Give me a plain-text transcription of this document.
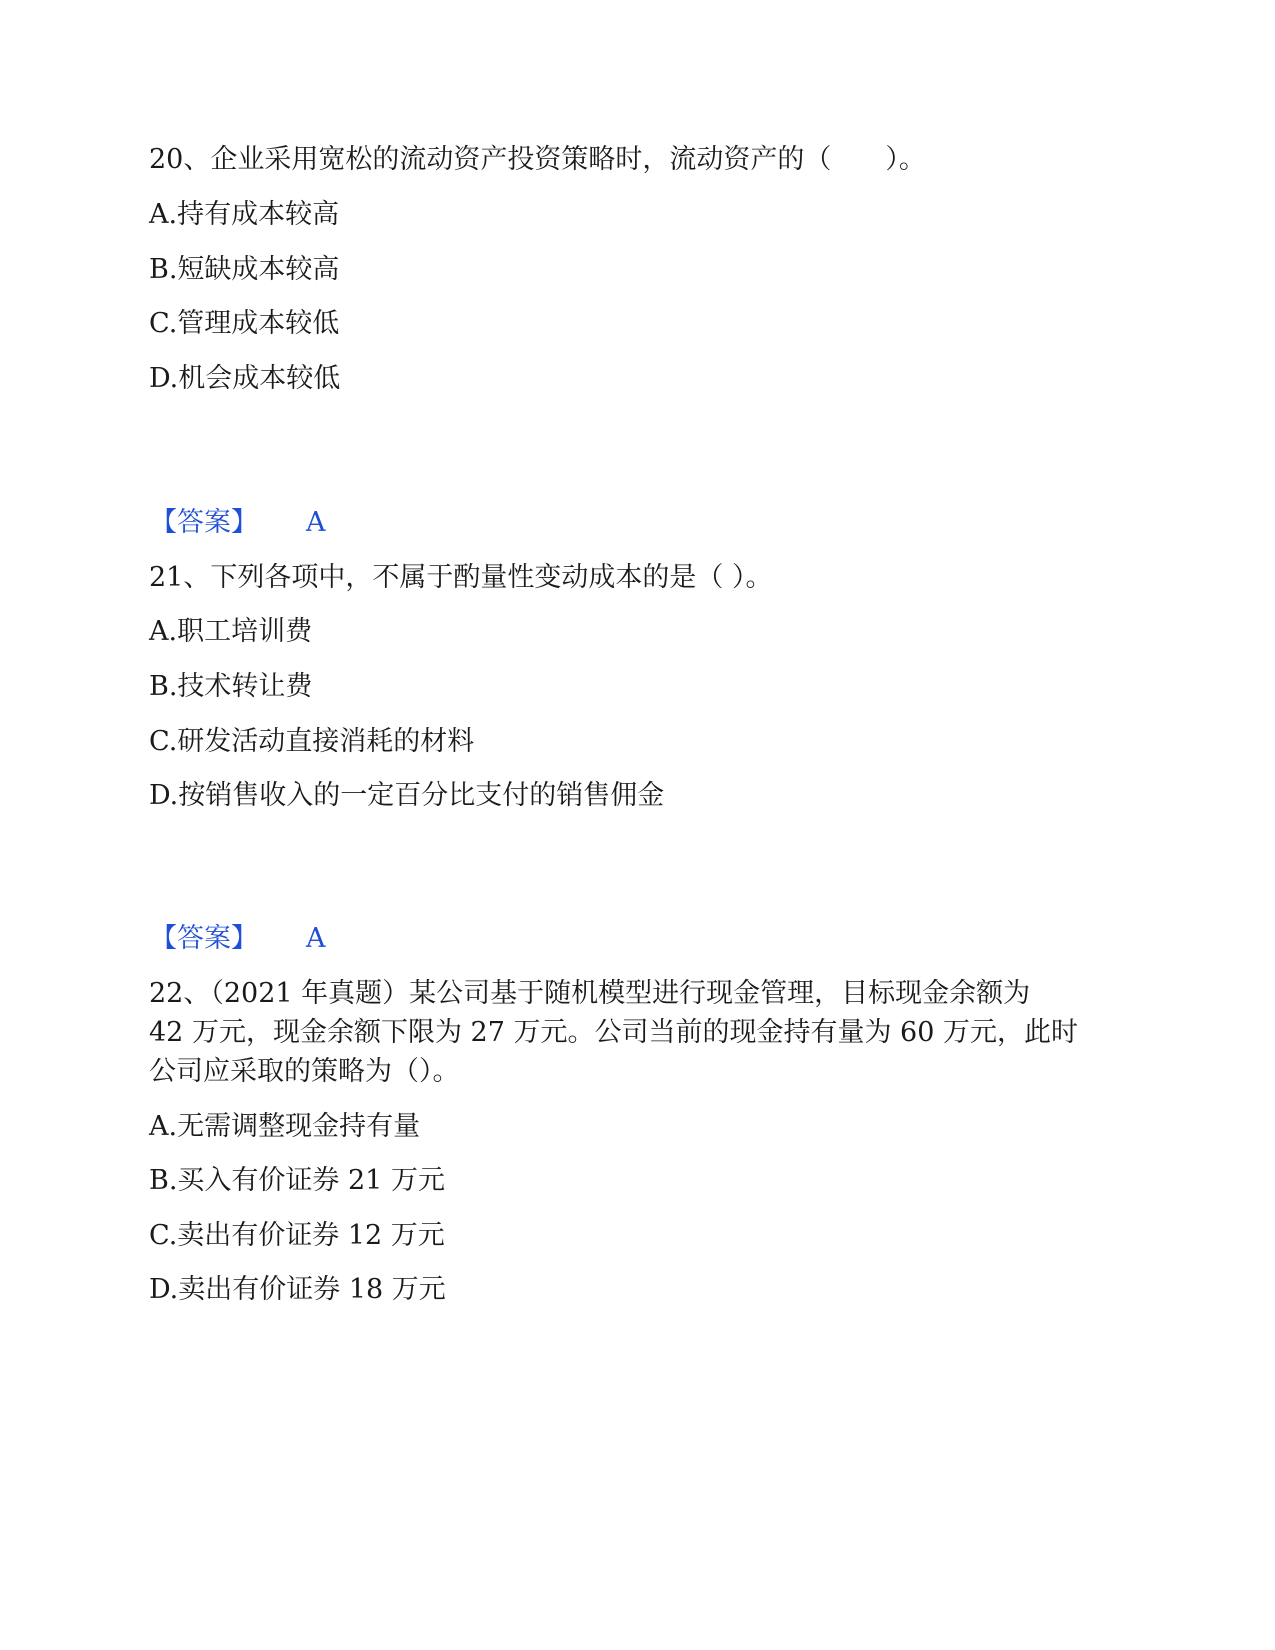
20、企业采用宽松的流动资产投资策略时，流动资产的（　　）。
A.持有成本较高
B.短缺成本较高
C.管理成本较低
D.机会成本较低
【答案】 A
21、下列各项中，不属于酌量性变动成本的是（ ）。
A.职工培训费
B.技术转让费
C.研发活动直接消耗的材料
D.按销售收入的一定百分比支付的销售佣金
【答案】 A
22、（2021 年真题）某公司基于随机模型进行现金管理，目标现金余额为
42 万元，现金余额下限为 27 万元。公司当前的现金持有量为 60 万元，此时
公司应采取的策略为（）。
A.无需调整现金持有量
B.买入有价证券 21 万元
C.卖出有价证券 12 万元
D.卖出有价证券 18 万元
